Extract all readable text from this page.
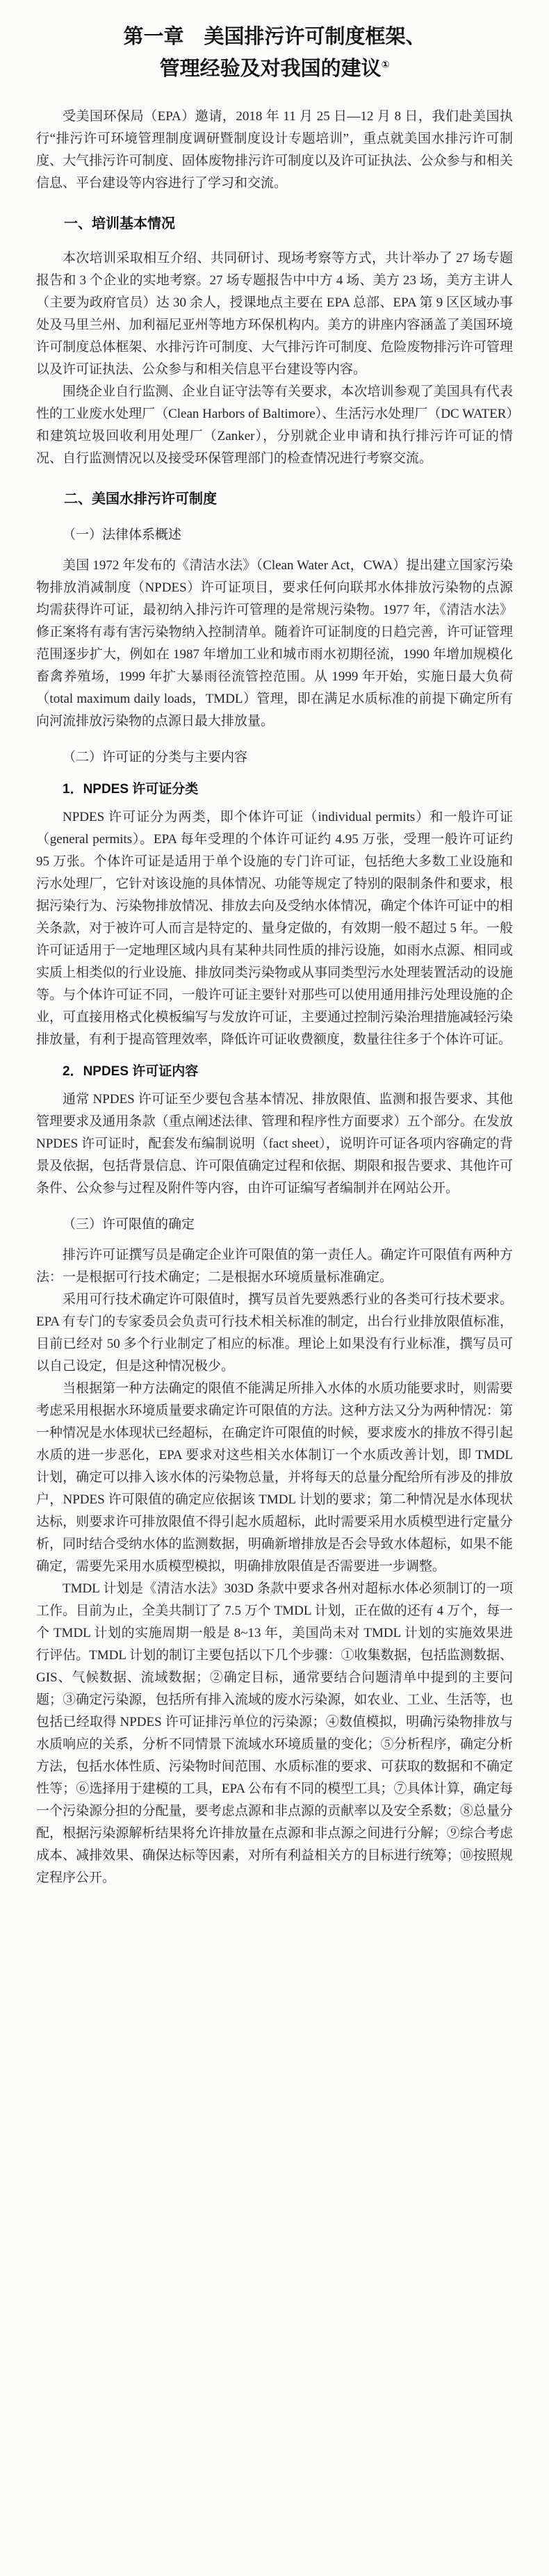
第一章　美国排污许可制度框架、
管理经验及对我国的建议①

受美国环保局（EPA）邀请，2018 年 11 月 25 日—12 月 8 日，我们赴美国执行“排污许可环境管理制度调研暨制度设计专题培训”，重点就美国水排污许可制度、大气排污许可制度、固体废物排污许可制度以及许可证执法、公众参与和相关信息、平台建设等内容进行了学习和交流。

一、培训基本情况

本次培训采取相互介绍、共同研讨、现场考察等方式，共计举办了 27 场专题报告和 3 个企业的实地考察。27 场专题报告中中方 4 场、美方 23 场，美方主讲人（主要为政府官员）达 30 余人，授课地点主要在 EPA 总部、EPA 第 9 区区域办事处及马里兰州、加利福尼亚州等地方环保机构内。美方的讲座内容涵盖了美国环境许可制度总体框架、水排污许可制度、大气排污许可制度、危险废物排污许可管理以及许可证执法、公众参与和相关信息平台建设等内容。

围绕企业自行监测、企业自证守法等有关要求，本次培训参观了美国具有代表性的工业废水处理厂（Clean Harbors of Baltimore）、生活污水处理厂（DC WATER）和建筑垃圾回收利用处理厂（Zanker），分别就企业申请和执行排污许可证的情况、自行监测情况以及接受环保管理部门的检查情况进行考察交流。

二、美国水排污许可制度
（一）法律体系概述

美国 1972 年发布的《清洁水法》（Clean Water Act，CWA）提出建立国家污染物排放消减制度（NPDES）许可证项目，要求任何向联邦水体排放污染物的点源均需获得许可证，最初纳入排污许可管理的是常规污染物。1977 年，《清洁水法》修正案将有毒有害污染物纳入控制清单。随着许可证制度的日趋完善，许可证管理范围逐步扩大，例如在 1987 年增加工业和城市雨水初期径流，1990 年增加规模化畜禽养殖场，1999 年扩大暴雨径流管控范围。从 1999 年开始，实施日最大负荷（total maximum daily loads，TMDL）管理，即在满足水质标准的前提下确定所有向河流排放污染物的点源日最大排放量。

（二）许可证的分类与主要内容
1．NPDES 许可证分类

NPDES 许可证分为两类，即个体许可证（individual permits）和一般许可证（general permits）。EPA 每年受理的个体许可证约 4.95 万张，受理一般许可证约 95 万张。个体许可证是适用于单个设施的专门许可证，包括绝大多数工业设施和污水处理厂，它针对该设施的具体情况、功能等规定了特别的限制条件和要求，根据污染行为、污染物排放情况、排放去向及受纳水体情况，确定个体许可证中的相关条款，对于被许可人而言是特定的、量身定做的，有效期一般不超过 5 年。一般许可证适用于一定地理区域内具有某种共同性质的排污设施，如雨水点源、相同或实质上相类似的行业设施、排放同类污染物或从事同类型污水处理装置活动的设施等。与个体许可证不同，一般许可证主要针对那些可以使用通用排污处理设施的企业，可直接用格式化模板编写与发放许可证，主要通过控制污染治理措施减轻污染排放量，有利于提高管理效率，降低许可证收费额度，数量往往多于个体许可证。

2．NPDES 许可证内容

通常 NPDES 许可证至少要包含基本情况、排放限值、监测和报告要求、其他管理要求及通用条款（重点阐述法律、管理和程序性方面要求）五个部分。在发放 NPDES 许可证时，配套发布编制说明（fact sheet），说明许可证各项内容确定的背景及依据，包括背景信息、许可限值确定过程和依据、期限和报告要求、其他许可条件、公众参与过程及附件等内容，由许可证编写者编制并在网站公开。

（三）许可限值的确定

排污许可证撰写员是确定企业许可限值的第一责任人。确定许可限值有两种方法：一是根据可行技术确定；二是根据水环境质量标准确定。

采用可行技术确定许可限值时，撰写员首先要熟悉行业的各类可行技术要求。EPA 有专门的专家委员会负责可行技术相关标准的制定，出台行业排放限值标准，目前已经对 50 多个行业制定了相应的标准。理论上如果没有行业标准，撰写员可以自己设定，但是这种情况极少。

当根据第一种方法确定的限值不能满足所排入水体的水质功能要求时，则需要考虑采用根据水环境质量要求确定许可限值的方法。这种方法又分为两种情况：第一种情况是水体现状已经超标，在确定许可限值的时候，要求废水的排放不得引起水质的进一步恶化，EPA 要求对这些相关水体制订一个水质改善计划，即 TMDL 计划，确定可以排入该水体的污染物总量，并将每天的总量分配给所有涉及的排放户，NPDES 许可限值的确定应依据该 TMDL 计划的要求；第二种情况是水体现状达标，则要求许可排放限值不得引起水质超标，此时需要采用水质模型进行定量分析，同时结合受纳水体的监测数据，明确新增排放是否会导致水体超标，如果不能确定，需要先采用水质模型模拟，明确排放限值是否需要进一步调整。

TMDL 计划是《清洁水法》303D 条款中要求各州对超标水体必须制订的一项工作。目前为止，全美共制订了 7.5 万个 TMDL 计划，正在做的还有 4 万个，每一个 TMDL 计划的实施周期一般是 8~13 年，美国尚未对 TMDL 计划的实施效果进行评估。TMDL 计划的制订主要包括以下几个步骤：①收集数据，包括监测数据、GIS、气候数据、流域数据；②确定目标，通常要结合问题清单中提到的主要问题；③确定污染源，包括所有排入流域的废水污染源，如农业、工业、生活等，也包括已经取得 NPDES 许可证排污单位的污染源；④数值模拟，明确污染物排放与水质响应的关系，分析不同情景下流域水环境质量的变化；⑤分析程序，确定分析方法，包括水体性质、污染物时间范围、水质标准的要求、可获取的数据和不确定性等；⑥选择用于建模的工具，EPA 公布有不同的模型工具；⑦具体计算，确定每一个污染源分担的分配量，要考虑点源和非点源的贡献率以及安全系数；⑧总量分配，根据污染源解析结果将允许排放量在点源和非点源之间进行分解；⑨综合考虑成本、减排效果、确保达标等因素，对所有利益相关方的目标进行统筹；⑩按照规定程序公开。
